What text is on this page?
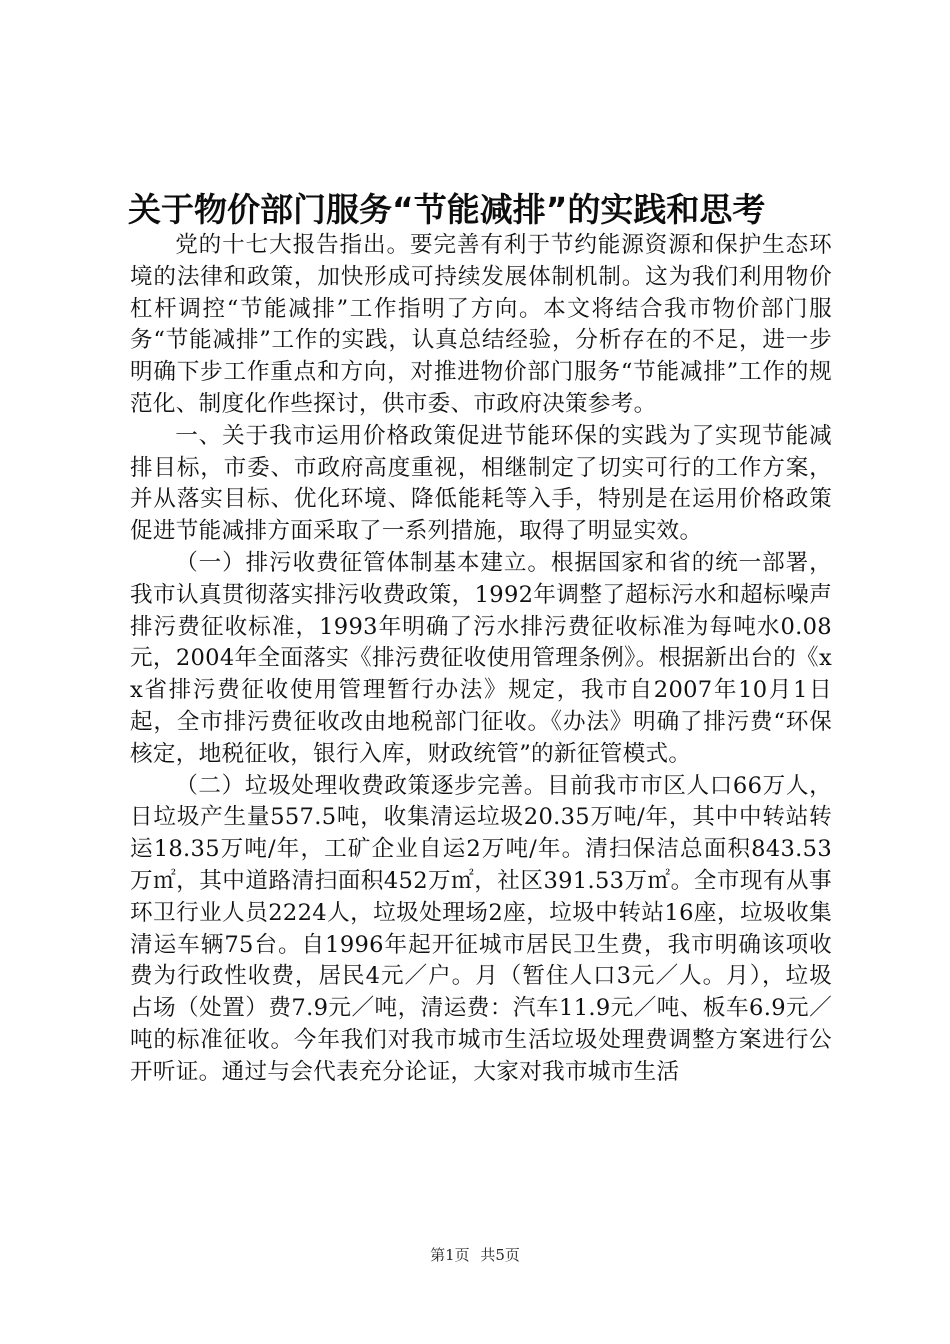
关于物价部门服务“节能减排”的实践和思考

党的十七大报告指出。要完善有利于节约能源资源和保护生态环境的法律和政策，加快形成可持续发展体制机制。这为我们利用物价杠杆调控“节能减排”工作指明了方向。本文将结合我市物价部门服务“节能减排”工作的实践，认真总结经验，分析存在的不足，进一步明确下步工作重点和方向，对推进物价部门服务“节能减排”工作的规范化、制度化作些探讨，供市委、市政府决策参考。

一、关于我市运用价格政策促进节能环保的实践为了实现节能减排目标，市委、市政府高度重视，相继制定了切实可行的工作方案，并从落实目标、优化环境、降低能耗等入手，特别是在运用价格政策促进节能减排方面采取了一系列措施，取得了明显实效。

（一）排污收费征管体制基本建立。根据国家和省的统一部署，我市认真贯彻落实排污收费政策，1992年调整了超标污水和超标噪声排污费征收标准，1993年明确了污水排污费征收标准为每吨水0.08元，2004年全面落实《排污费征收使用管理条例》。根据新出台的《xx省排污费征收使用管理暂行办法》规定，我市自2007年10月1日起，全市排污费征收改由地税部门征收。《办法》明确了排污费“环保核定，地税征收，银行入库，财政统管”的新征管模式。

（二）垃圾处理收费政策逐步完善。目前我市市区人口66万人，日垃圾产生量557.5吨，收集清运垃圾20.35万吨/年，其中中转站转运18.35万吨/年，工矿企业自运2万吨/年。清扫保洁总面积843.53万㎡，其中道路清扫面积452万㎡，社区391.53万㎡。全市现有从事环卫行业人员2224人，垃圾处理场2座，垃圾中转站16座，垃圾收集清运车辆75台。自1996年起开征城市居民卫生费，我市明确该项收费为行政性收费，居民4元／户。月（暂住人口3元／人。月），垃圾占场（处置）费7.9元／吨，清运费：汽车11.9元／吨、板车6.9元／吨的标准征收。今年我们对我市城市生活垃圾处理费调整方案进行公开听证。通过与会代表充分论证，大家对我市城市生活

第1页 共5页
